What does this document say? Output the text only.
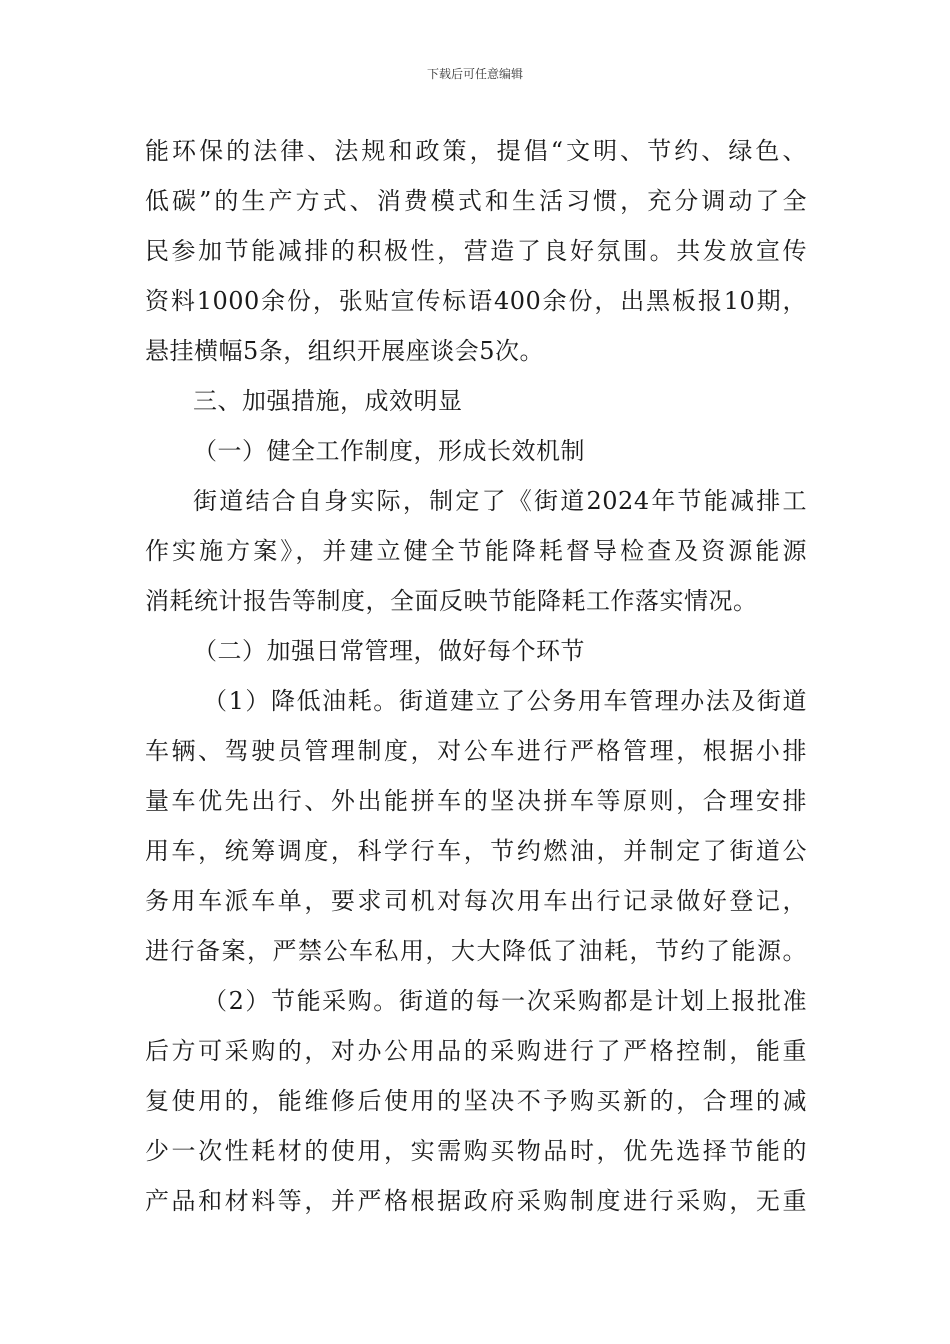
下载后可任意编辑

能环保的法律、法规和政策，提倡“文明、节约、绿色、

低碳”的生产方式、消费模式和生活习惯，充分调动了全

民参加节能减排的积极性，营造了良好氛围。共发放宣传

资料1000余份，张贴宣传标语400余份，出黑板报10期，

悬挂横幅5条，组织开展座谈会5次。

三、加强措施，成效明显

（一）健全工作制度，形成长效机制

街道结合自身实际，制定了《街道2024年节能减排工

作实施方案》，并建立健全节能降耗督导检查及资源能源

消耗统计报告等制度，全面反映节能降耗工作落实情况。

（二）加强日常管理，做好每个环节

（1）降低油耗。街道建立了公务用车管理办法及街道

车辆、驾驶员管理制度，对公车进行严格管理，根据小排

量车优先出行、外出能拼车的坚决拼车等原则，合理安排

用车，统筹调度，科学行车，节约燃油，并制定了街道公

务用车派车单，要求司机对每次用车出行记录做好登记，

进行备案，严禁公车私用，大大降低了油耗，节约了能源。

（2）节能采购。街道的每一次采购都是计划上报批准

后方可采购的，对办公用品的采购进行了严格控制，能重

复使用的，能维修后使用的坚决不予购买新的，合理的减

少一次性耗材的使用，实需购买物品时，优先选择节能的

产品和材料等，并严格根据政府采购制度进行采购，无重
